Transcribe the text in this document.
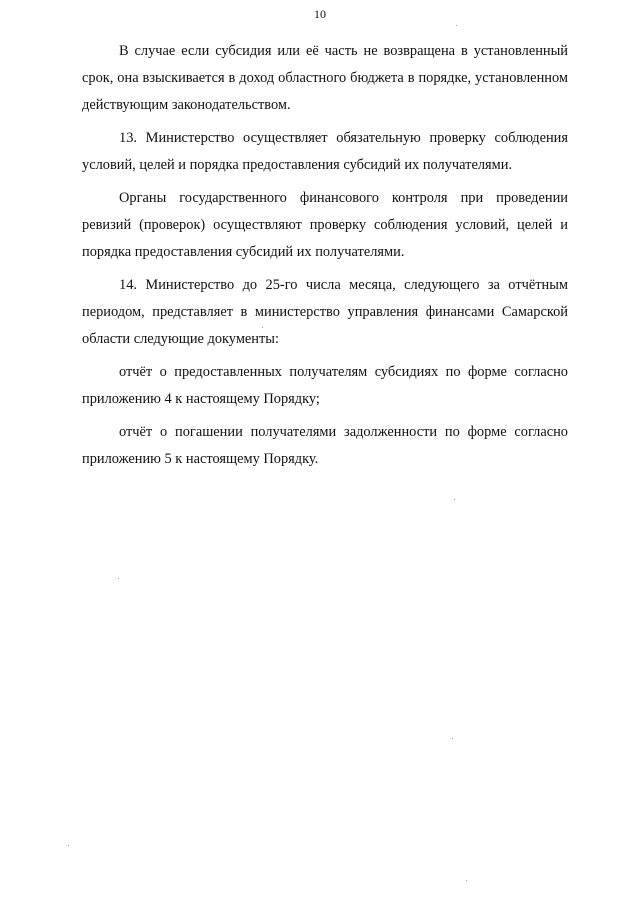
10

В случае если субсидия или её часть не возвращена в установленный срок, она взыскивается в доход областного бюджета в порядке, установленном действующим законодательством.

13. Министерство осуществляет обязательную проверку соблюдения условий, целей и порядка предоставления субсидий их получателями.

Органы государственного финансового контроля при проведении ревизий (проверок) осуществляют проверку соблюдения условий, целей и порядка предоставления субсидий их получателями.

14. Министерство до 25-го числа месяца, следующего за отчётным периодом, представляет в министерство управления финансами Самарской области следующие документы:

отчёт о предоставленных получателям субсидиях по форме согласно приложению 4 к настоящему Порядку;

отчёт о погашении получателями задолженности по форме согласно приложению 5 к настоящему Порядку.
